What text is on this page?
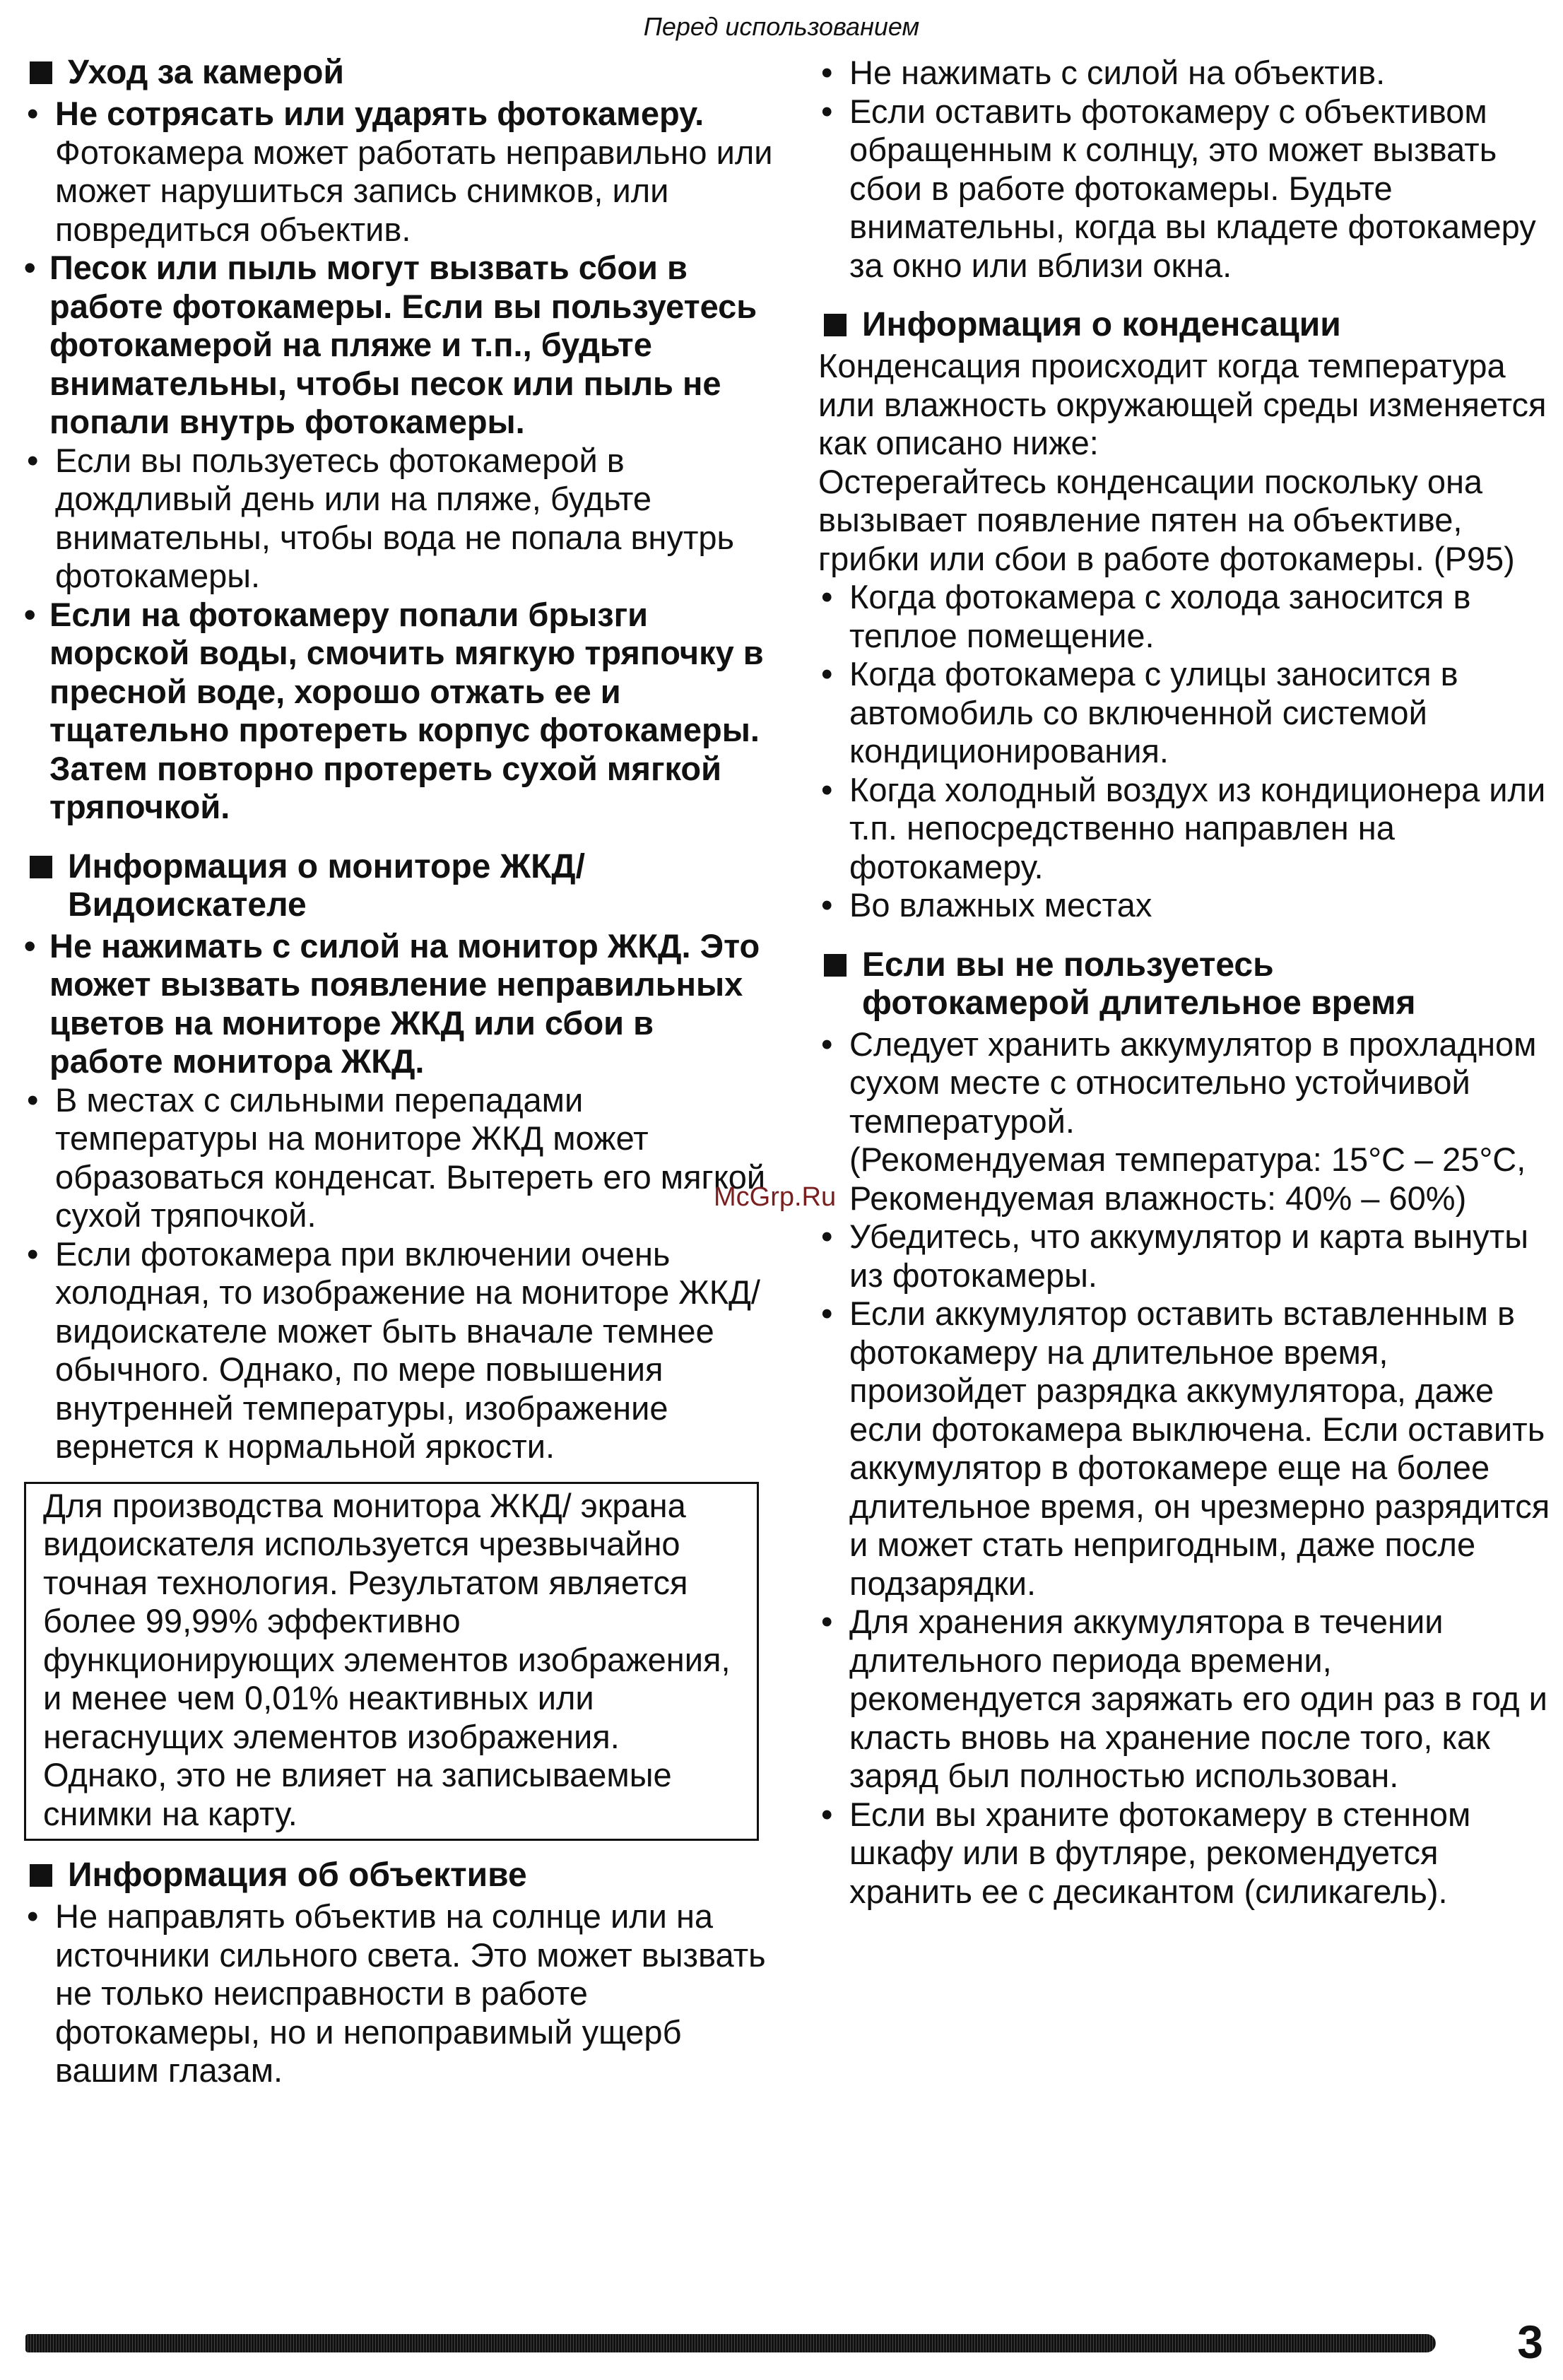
Перед использованием
Уход за камерой
• Не сотрясать или ударять фотокамеру. Фотокамера может работать неправильно или может нарушиться запись снимков, или повредиться объектив.
• Песок или пыль могут вызвать сбои в работе фотокамеры. Если вы пользуетесь фотокамерой на пляже и т.п., будьте внимательны, чтобы песок или пыль не попали внутрь фотокамеры.
• Если вы пользуетесь фотокамерой в дождливый день или на пляже, будьте внимательны, чтобы вода не попала внутрь фотокамеры.
• Если на фотокамеру попали брызги морской воды, смочить мягкую тряпочку в пресной воде, хорошо отжать ее и тщательно протереть корпус фотокамеры. Затем повторно протереть сухой мягкой тряпочкой.
Информация о мониторе ЖКД/
Видоискателе
• Не нажимать с силой на монитор ЖКД. Это может вызвать появление неправильных цветов на мониторе ЖКД или сбои в работе монитора ЖКД.
• В местах с сильными перепадами температуры на мониторе ЖКД может образоваться конденсат. Вытереть его мягкой сухой тряпочкой.
• Если фотокамера при включении очень холодная, то изображение на мониторе ЖКД/видоискателе может быть вначале темнее обычного. Однако, по мере повышения внутренней температуры, изображение вернется к нормальной яркости.
Для производства монитора ЖКД/ экрана видоискателя используется чрезвычайно точная технология. Результатом является более 99,99% эффективно функционирующих элементов изображения, и менее чем 0,01% неактивных или негаснущих элементов изображения. Однако, это не влияет на записываемые снимки на карту.
Информация об объективе
• Не направлять объектив на солнце или на источники сильного света. Это может вызвать не только неисправности в работе фотокамеры, но и непоправимый ущерб вашим глазам.
• Не нажимать с силой на объектив.
• Если оставить фотокамеру с объективом обращенным к солнцу, это может вызвать сбои в работе фотокамеры. Будьте внимательны, когда вы кладете фотокамеру за окно или вблизи окна.
Информация о конденсации
Конденсация происходит когда температура или влажность окружающей среды изменяется как описано ниже:
Остерегайтесь конденсации поскольку она вызывает появление пятен на объективе, грибки или сбои в работе фотокамеры. (P95)
• Когда фотокамера с холода заносится в теплое помещение.
• Когда фотокамера с улицы заносится в автомобиль со включенной системой кондиционирования.
• Когда холодный воздух из кондиционера или т.п. непосредственно направлен на фотокамеру.
• Во влажных местах
Если вы не пользуетесь
фотокамерой длительное время
• Следует хранить аккумулятор в прохладном сухом месте с относительно устойчивой температурой.
(Рекомендуемая температура: 15°C – 25°C, Рекомендуемая влажность: 40% – 60%)
• Убедитесь, что аккумулятор и карта вынуты из фотокамеры.
• Если аккумулятор оставить вставленным в фотокамеру на длительное время, произойдет разрядка аккумулятора, даже если фотокамера выключена. Если оставить аккумулятор в фотокамере еще на более длительное время, он чрезмерно разрядится и может стать непригодным, даже после подзарядки.
• Для хранения аккумулятора в течении длительного периода времени, рекомендуется заряжать его один раз в год и класть вновь на хранение после того, как заряд был полностью использован.
• Если вы храните фотокамеру в стенном шкафу или в футляре, рекомендуется хранить ее с десикантом (силикагель).
McGrp.Ru
3
